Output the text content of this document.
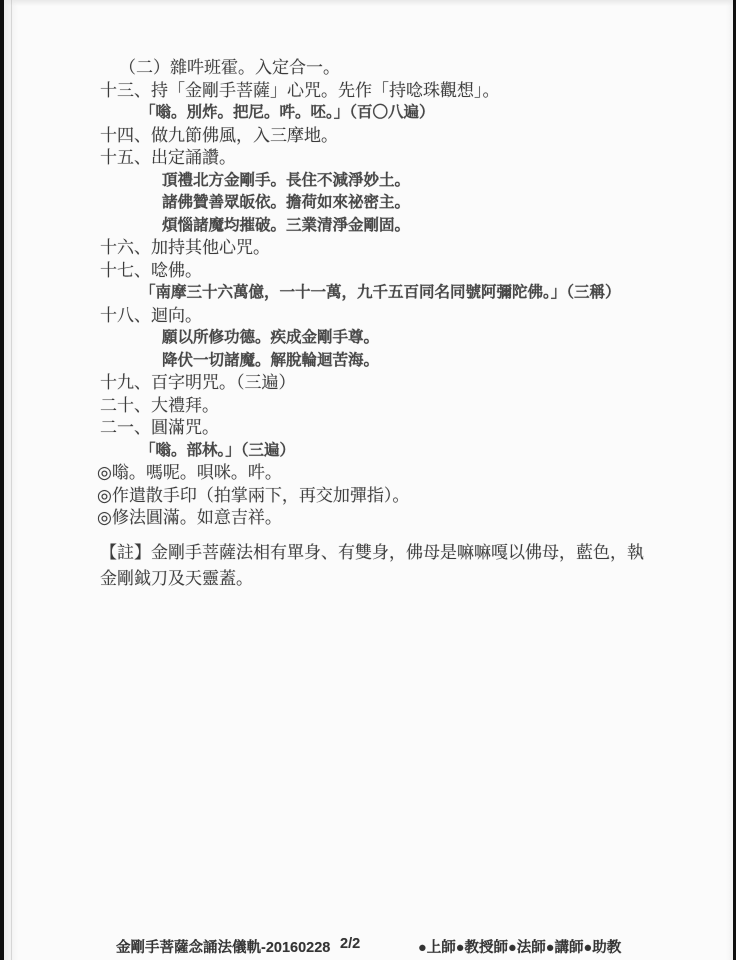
（二）雜吽班霍。入定合一。
十三、持「金剛手菩薩」心咒。先作「持唸珠觀想」。
「嗡。別炸。把尼。吽。呸。」（百〇八遍）
十四、做九節佛風，入三摩地。
十五、出定誦讚。
頂禮北方金剛手。長住不減淨妙土。
諸佛贊善眾皈依。擔荷如來祕密主。
煩惱諸魔均摧破。三業清淨金剛固。
十六、加持其他心咒。
十七、唸佛。
「南摩三十六萬億，一十一萬，九千五百同名同號阿彌陀佛。」（三稱）
十八、迴向。
願以所修功德。疾成金剛手尊。
降伏一切諸魔。解脫輪迴苦海。
十九、百字明咒。（三遍）
二十、大禮拜。
二一、圓滿咒。
「嗡。部林。」（三遍）
◎嗡。嗎呢。唄咪。吽。
◎作遣散手印（拍掌兩下，再交加彈指）。
◎修法圓滿。如意吉祥。
【註】金剛手菩薩法相有單身、有雙身，佛母是嘛嘛嘎以佛母，藍色，執金剛鉞刀及天靈蓋。
金剛手菩薩念誦法儀軌-20160228 2/2	●上師●教授師●法師●講師●助教
